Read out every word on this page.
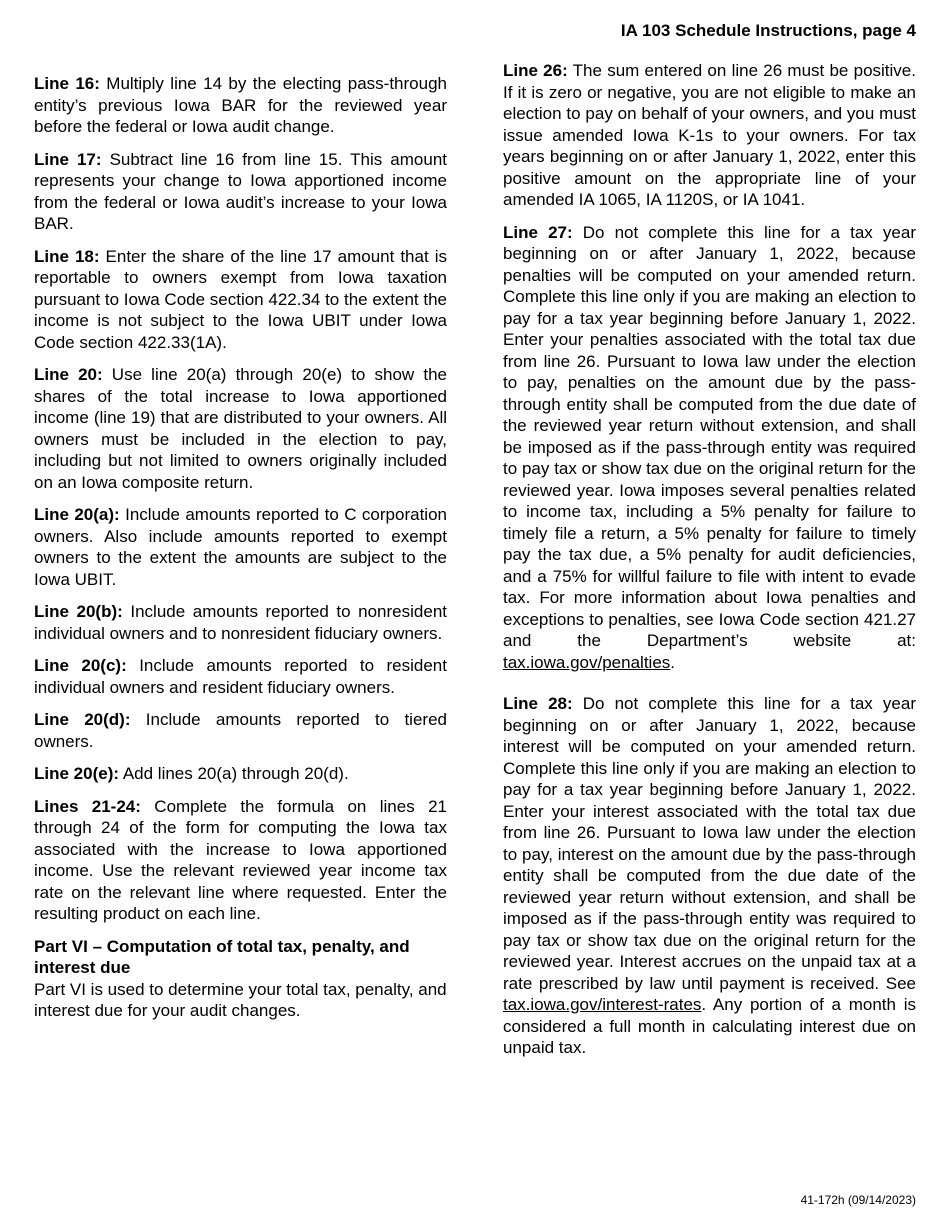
IA 103 Schedule Instructions, page 4

Line 16: Multiply line 14 by the electing pass-through entity’s previous Iowa BAR for the reviewed year before the federal or Iowa audit change.

Line 17: Subtract line 16 from line 15. This amount represents your change to Iowa apportioned income from the federal or Iowa audit’s increase to your Iowa BAR.

Line 18: Enter the share of the line 17 amount that is reportable to owners exempt from Iowa taxation pursuant to Iowa Code section 422.34 to the extent the income is not subject to the Iowa UBIT under Iowa Code section 422.33(1A).

Line 20: Use line 20(a) through 20(e) to show the shares of the total increase to Iowa apportioned income (line 19) that are distributed to your owners. All owners must be included in the election to pay, including but not limited to owners originally included on an Iowa composite return.

Line 20(a): Include amounts reported to C corporation owners. Also include amounts reported to exempt owners to the extent the amounts are subject to the Iowa UBIT.

Line 20(b): Include amounts reported to nonresident individual owners and to nonresident fiduciary owners.

Line 20(c): Include amounts reported to resident individual owners and resident fiduciary owners.

Line 20(d): Include amounts reported to tiered owners.

Line 20(e): Add lines 20(a) through 20(d).

Lines 21-24: Complete the formula on lines 21 through 24 of the form for computing the Iowa tax associated with the increase to Iowa apportioned income. Use the relevant reviewed year income tax rate on the relevant line where requested. Enter the resulting product on each line.

Part VI – Computation of total tax, penalty, and interest due
Part VI is used to determine your total tax, penalty, and interest due for your audit changes.

Line 26: The sum entered on line 26 must be positive. If it is zero or negative, you are not eligible to make an election to pay on behalf of your owners, and you must issue amended Iowa K-1s to your owners. For tax years beginning on or after January 1, 2022, enter this positive amount on the appropriate line of your amended IA 1065, IA 1120S, or IA 1041.

Line 27: Do not complete this line for a tax year beginning on or after January 1, 2022, because penalties will be computed on your amended return. Complete this line only if you are making an election to pay for a tax year beginning before January 1, 2022. Enter your penalties associated with the total tax due from line 26. Pursuant to Iowa law under the election to pay, penalties on the amount due by the pass-through entity shall be computed from the due date of the reviewed year return without extension, and shall be imposed as if the pass-through entity was required to pay tax or show tax due on the original return for the reviewed year. Iowa imposes several penalties related to income tax, including a 5% penalty for failure to timely file a return, a 5% penalty for failure to timely pay the tax due, a 5% penalty for audit deficiencies, and a 75% for willful failure to file with intent to evade tax. For more information about Iowa penalties and exceptions to penalties, see Iowa Code section 421.27 and the Department’s website at: tax.iowa.gov/penalties.

Line 28: Do not complete this line for a tax year beginning on or after January 1, 2022, because interest will be computed on your amended return. Complete this line only if you are making an election to pay for a tax year beginning before January 1, 2022. Enter your interest associated with the total tax due from line 26. Pursuant to Iowa law under the election to pay, interest on the amount due by the pass-through entity shall be computed from the due date of the reviewed year return without extension, and shall be imposed as if the pass-through entity was required to pay tax or show tax due on the original return for the reviewed year. Interest accrues on the unpaid tax at a rate prescribed by law until payment is received. See tax.iowa.gov/interest-rates. Any portion of a month is considered a full month in calculating interest due on unpaid tax.

41-172h (09/14/2023)
